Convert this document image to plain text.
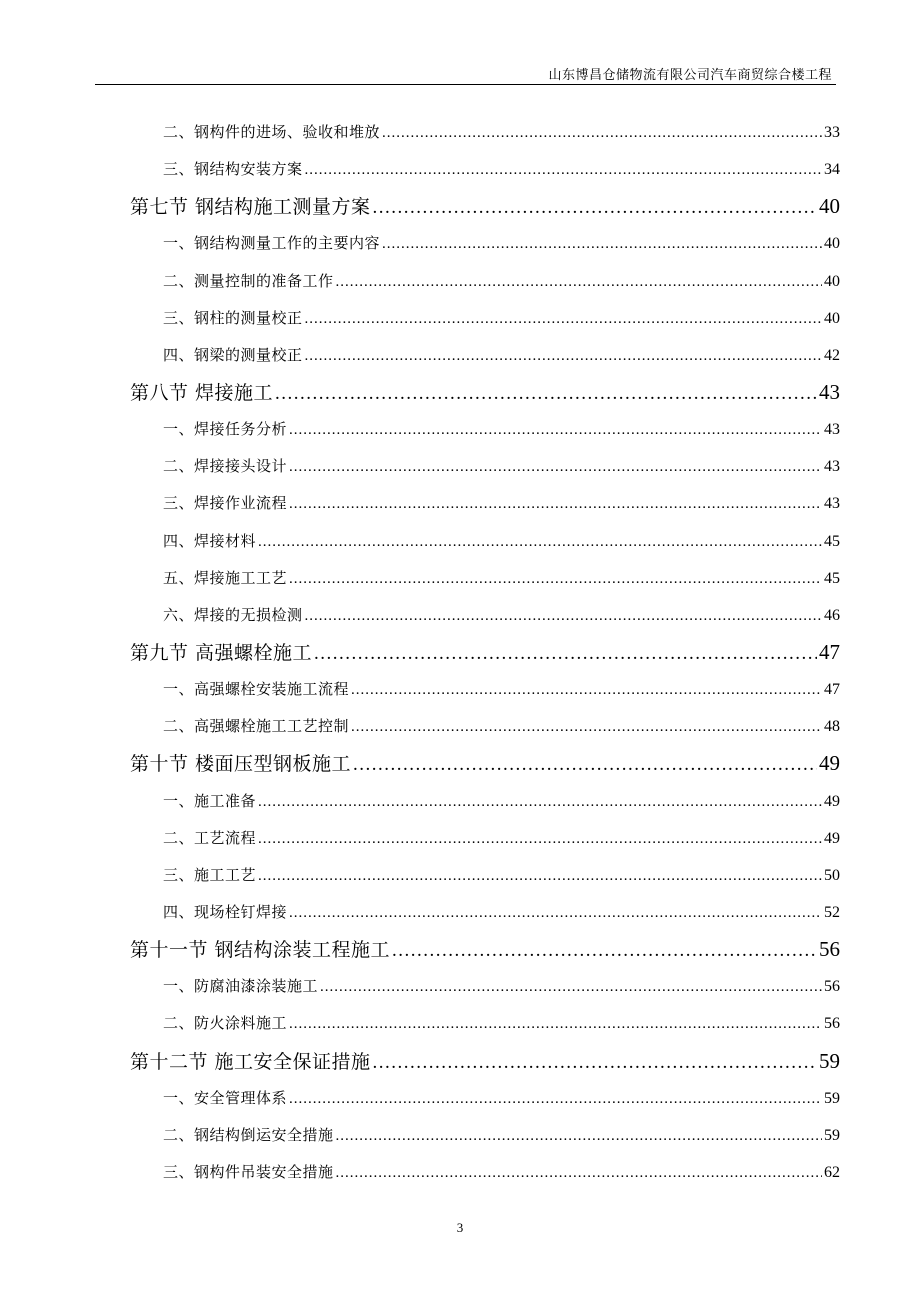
山东博昌仓储物流有限公司汽车商贸综合楼工程
二、钢构件的进场、验收和堆放 .....	33
三、钢结构安装方案 .....	34
第七节 钢结构施工测量方案 .....	40
一、钢结构测量工作的主要内容 .....	40
二、测量控制的准备工作 .....	40
三、钢柱的测量校正 .....	40
四、钢梁的测量校正 .....	42
第八节 焊接施工 .....	43
一、焊接任务分析 .....	43
二、焊接接头设计 .....	43
三、焊接作业流程 .....	43
四、焊接材料 .....	45
五、焊接施工工艺 .....	45
六、焊接的无损检测 .....	46
第九节 高强螺栓施工 .....	47
一、高强螺栓安装施工流程 .....	47
二、高强螺栓施工工艺控制 .....	48
第十节 楼面压型钢板施工 .....	49
一、施工准备 .....	49
二、工艺流程 .....	49
三、施工工艺 .....	50
四、现场栓钉焊接 .....	52
第十一节 钢结构涂装工程施工 .....	56
一、防腐油漆涂装施工 .....	56
二、防火涂料施工 .....	56
第十二节 施工安全保证措施 .....	59
一、安全管理体系 .....	59
二、钢结构倒运安全措施 .....	59
三、钢构件吊装安全措施 .....	62
3
